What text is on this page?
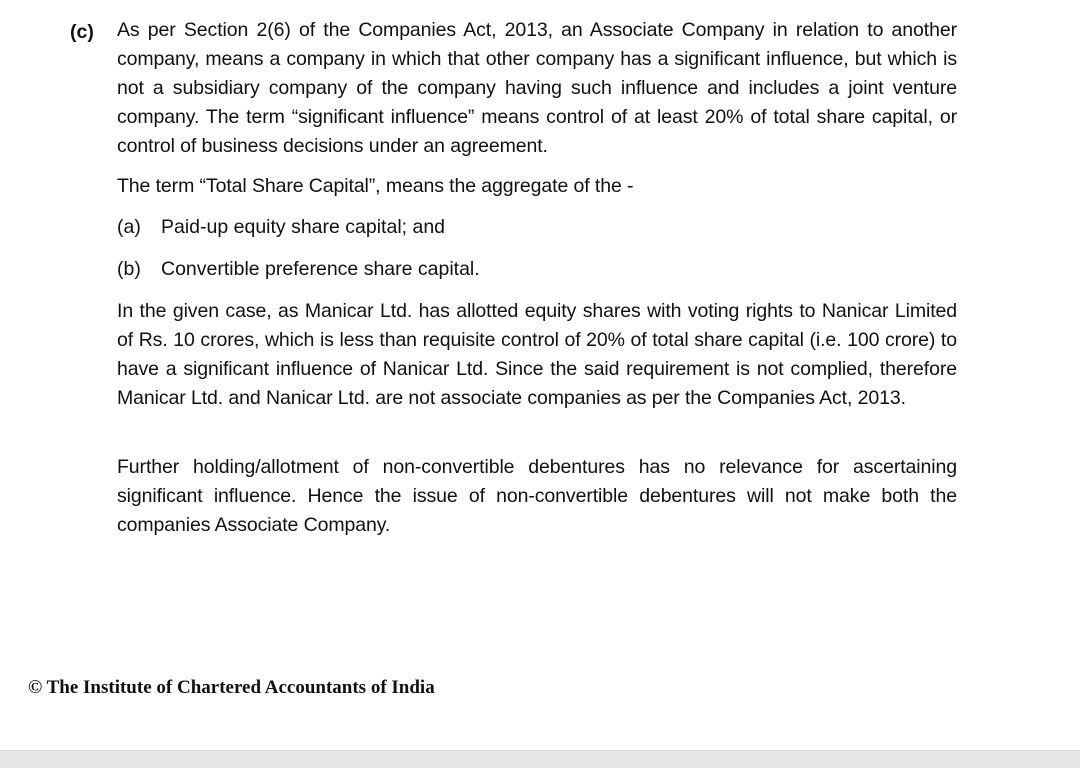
(c) As per Section 2(6) of the Companies Act, 2013, an Associate Company in relation to another company, means a company in which that other company has a significant influence, but which is not a subsidiary company of the company having such influence and includes a joint venture company. The term “significant influence” means control of at least 20% of total share capital, or control of business decisions under an agreement.
The term “Total Share Capital”, means the aggregate of the -
(a) Paid-up equity share capital; and
(b) Convertible preference share capital.
In the given case, as Manicar Ltd. has allotted equity shares with voting rights to Nanicar Limited of Rs. 10 crores, which is less than requisite control of 20% of total share capital (i.e. 100 crore) to have a significant influence of Nanicar Ltd. Since the said requirement is not complied, therefore Manicar Ltd. and Nanicar Ltd. are not associate companies as per the Companies Act, 2013.
Further holding/allotment of non-convertible debentures has no relevance for ascertaining significant influence. Hence the issue of non-convertible debentures will not make both the companies Associate Company.
© The Institute of Chartered Accountants of India
